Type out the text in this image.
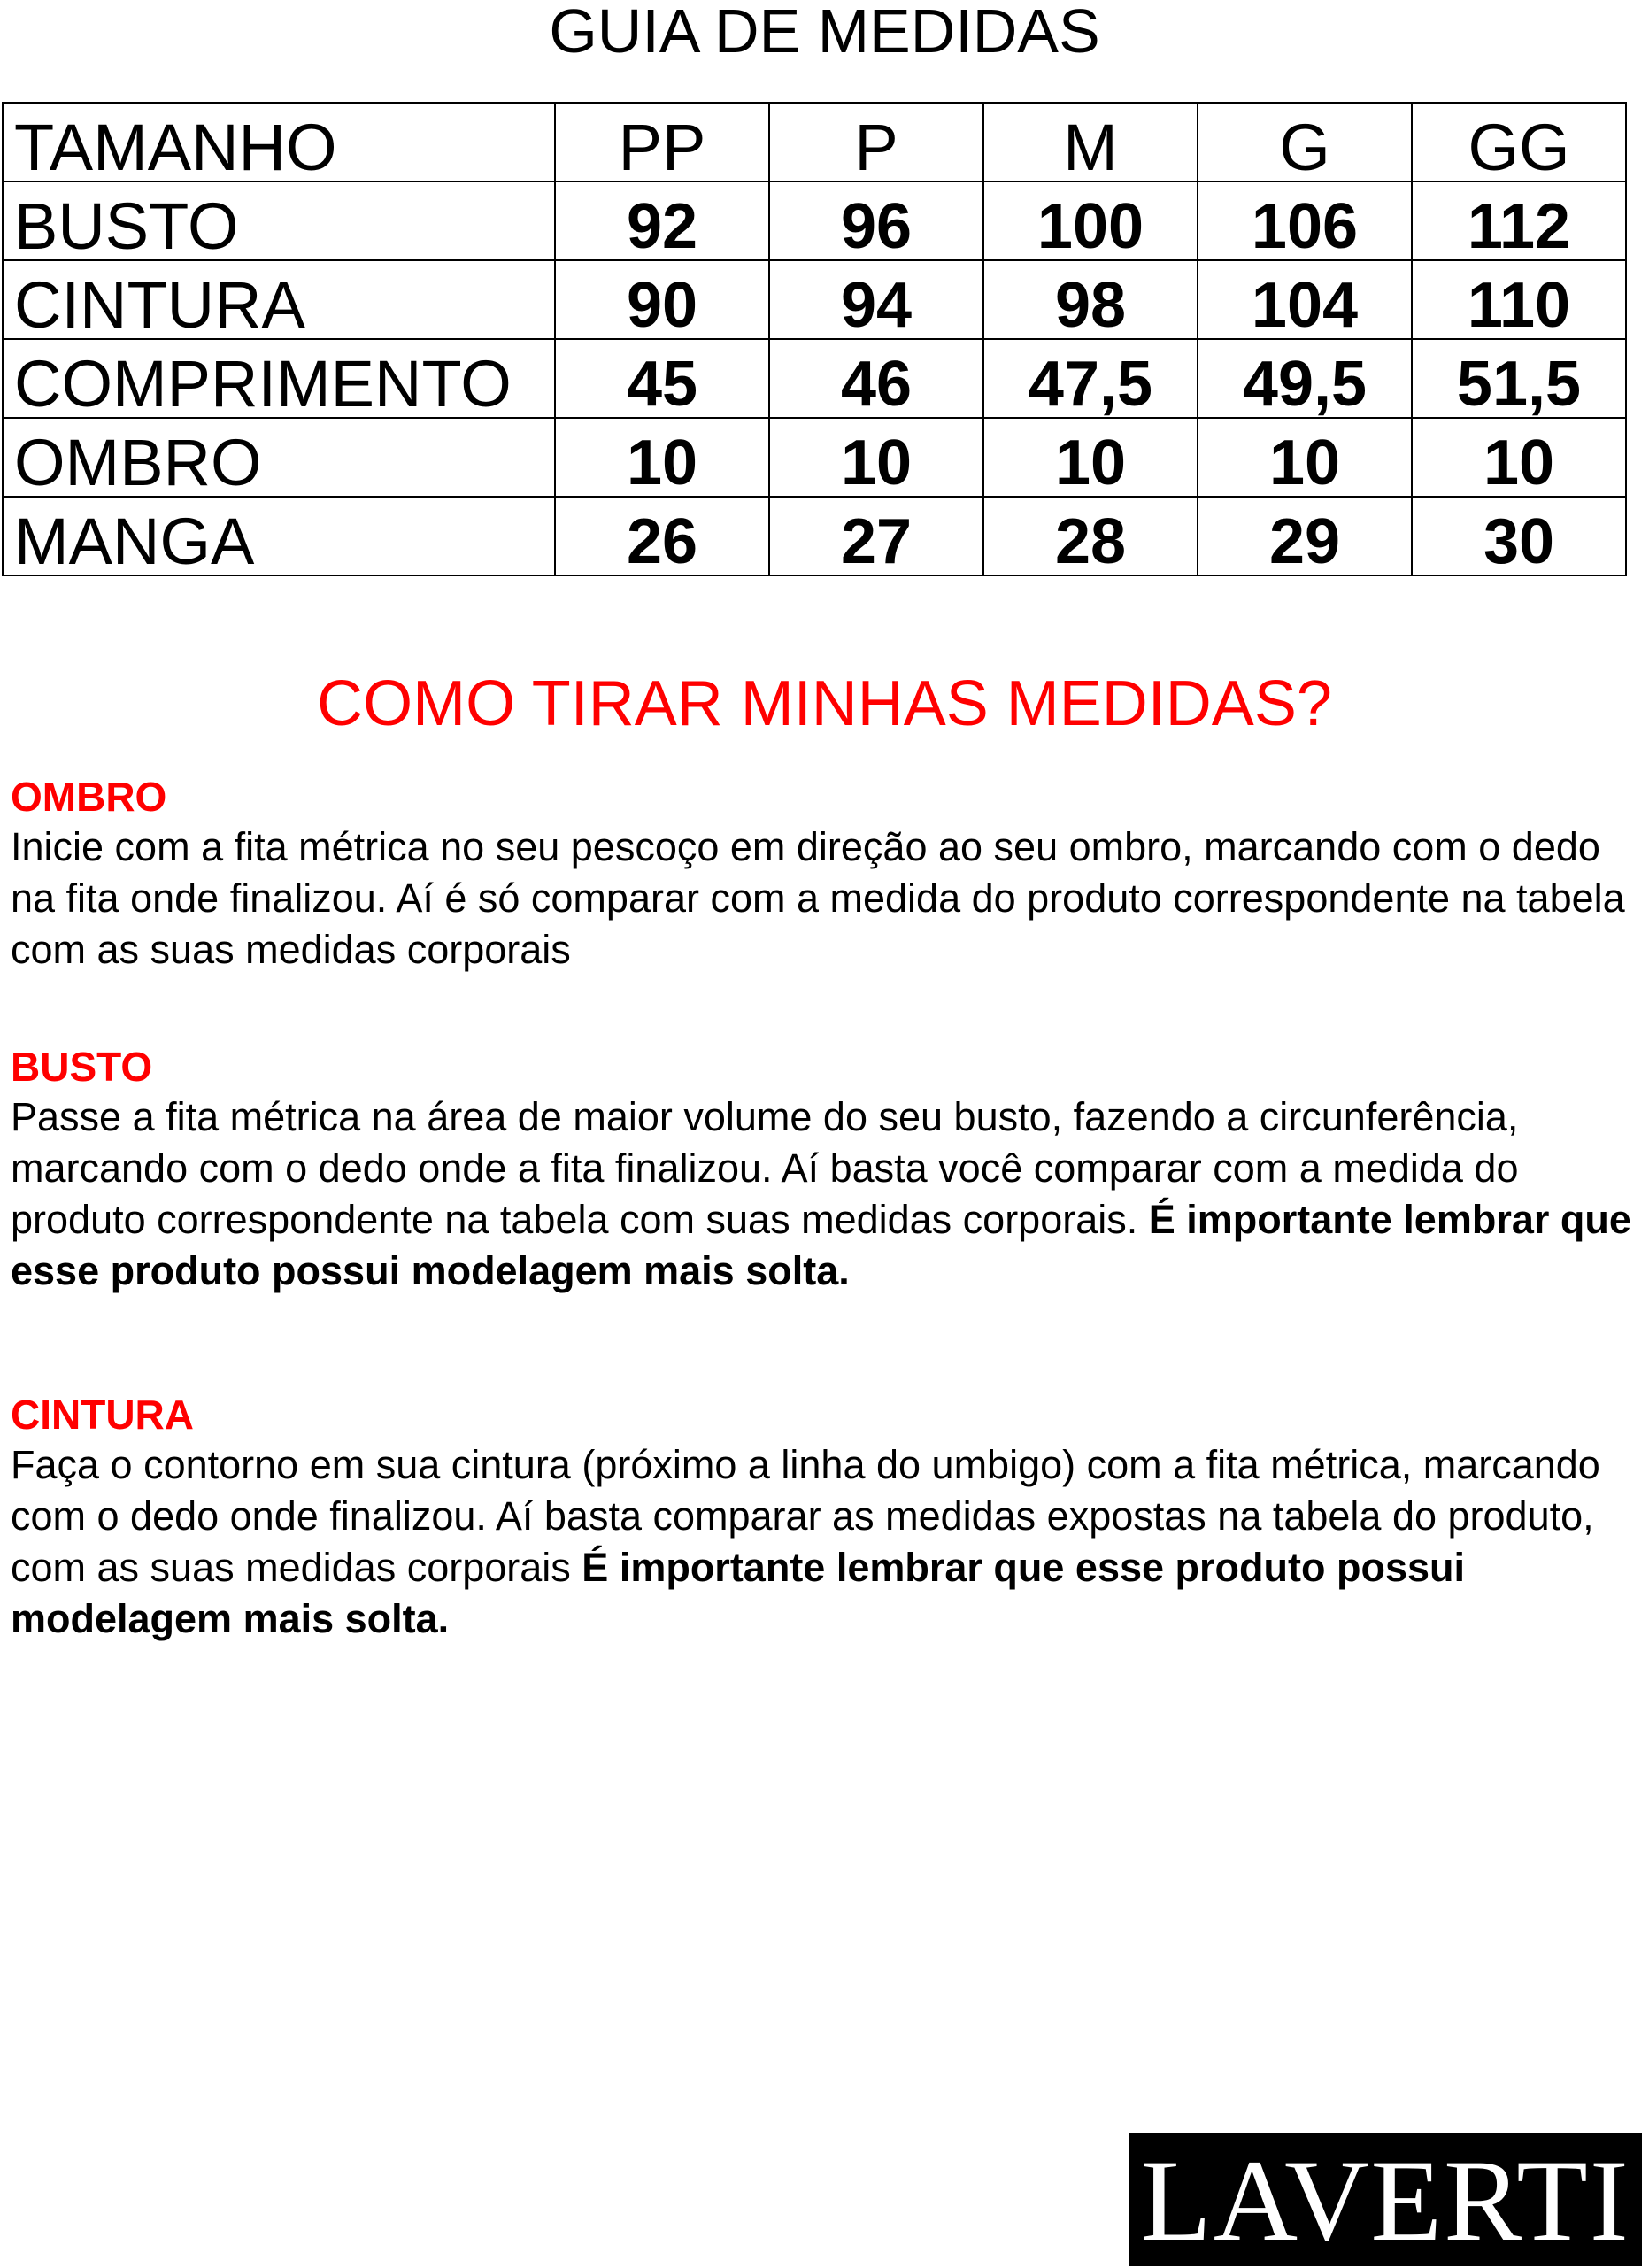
GUIA DE MEDIDAS
TAMANHO	PP	P	M	G	GG
BUSTO	92	96	100	106	112
CINTURA	90	94	98	104	110
COMPRIMENTO	45	46	47,5	49,5	51,5
OMBRO	10	10	10	10	10
MANGA	26	27	28	29	30
COMO TIRAR MINHAS MEDIDAS?
OMBRO

Inicie com a fita métrica no seu pescoço em direção ao seu ombro, marcando com o dedo na fita onde finalizou. Aí é só comparar com a medida do produto correspondente na tabela com as suas medidas corporais

BUSTO

Passe a fita métrica na área de maior volume do seu busto, fazendo a circunferência, marcando com o dedo onde a fita finalizou. Aí basta você comparar com a medida do produto correspondente na tabela com suas medidas corporais. É importante lembrar que esse produto possui modelagem mais solta.

CINTURA

Faça o contorno em sua cintura (próximo a linha do umbigo) com a fita métrica, marcando com o dedo onde finalizou. Aí basta comparar as medidas expostas na tabela do produto, com as suas medidas corporais É importante lembrar que esse produto possui modelagem mais solta.

LAVERTI
